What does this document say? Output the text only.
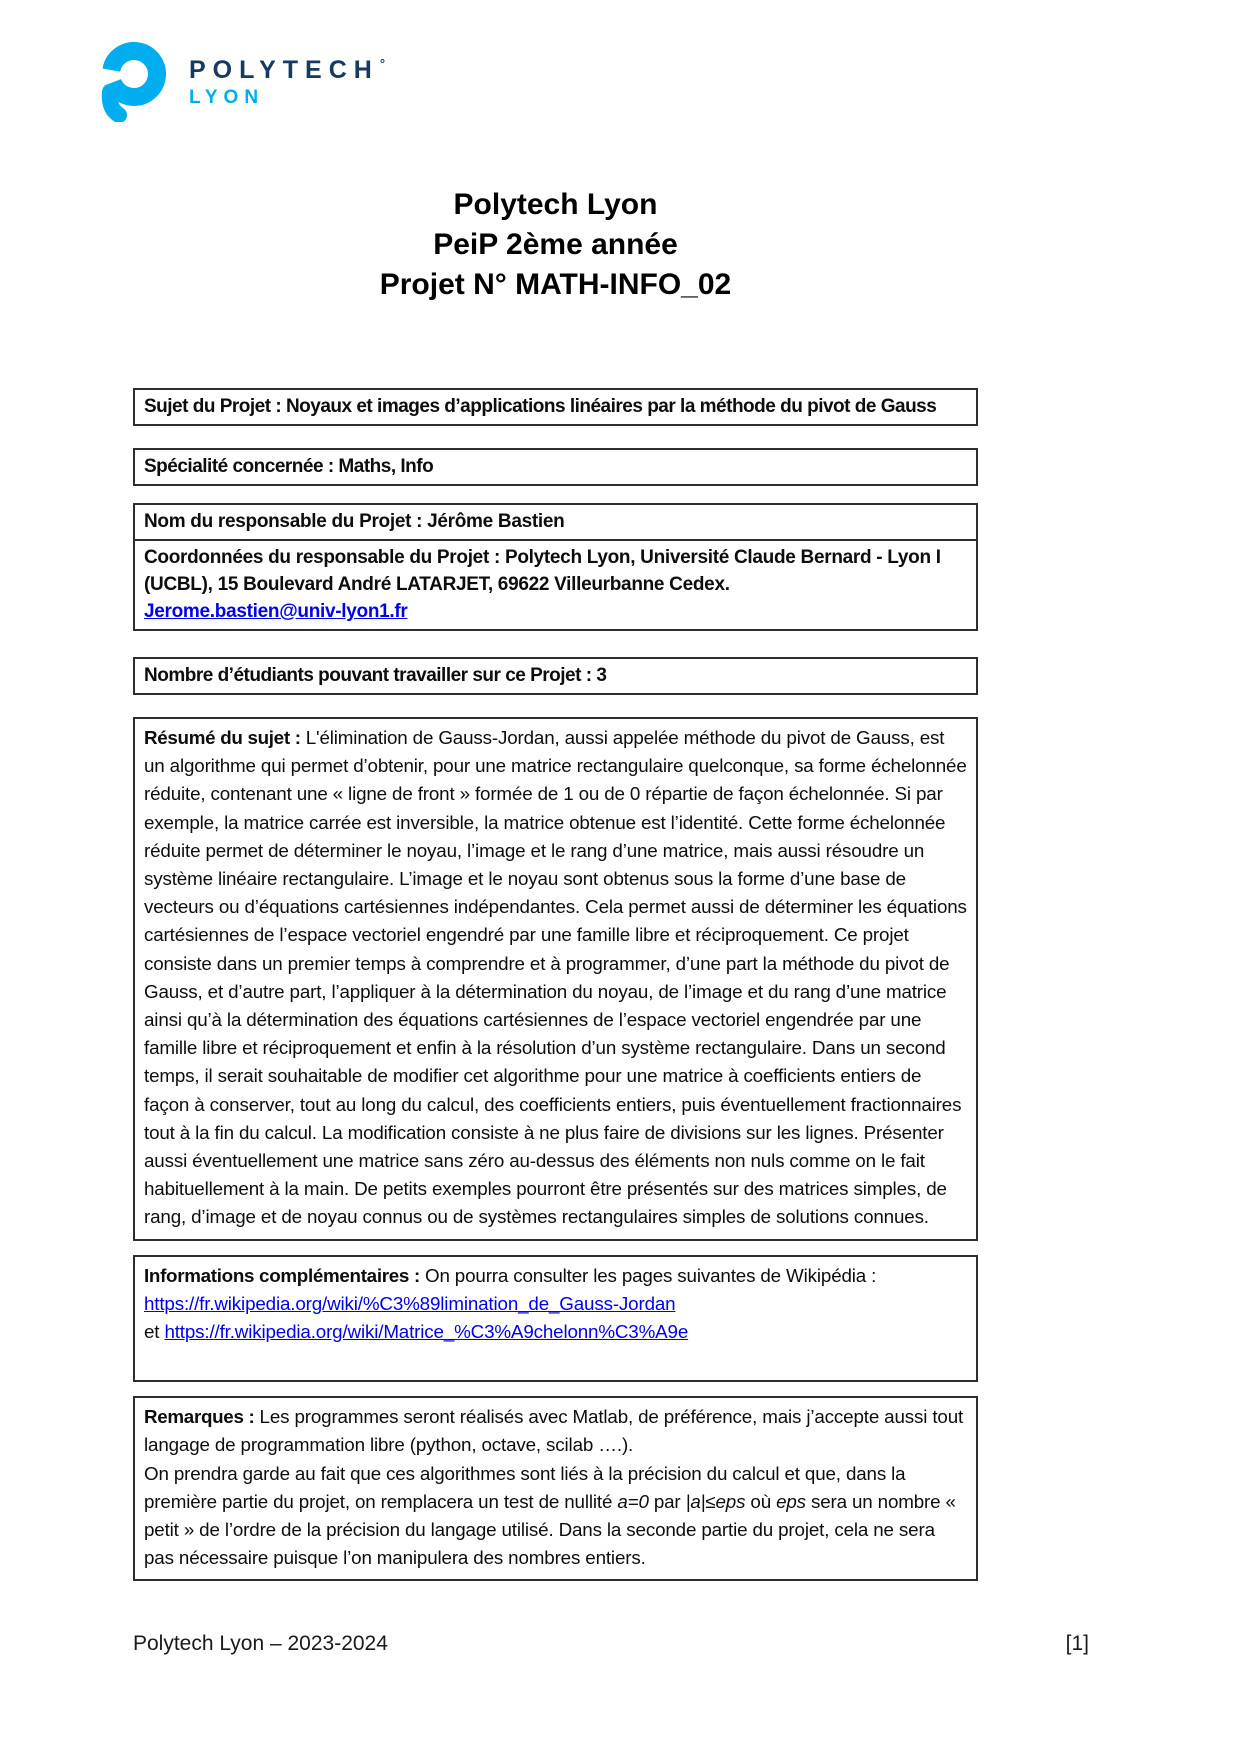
POLYTECH °
LYON
Polytech Lyon
PeiP 2ème année
Projet N° MATH-INFO_02
Sujet du Projet : Noyaux et images d’applications linéaires par la méthode du pivot de Gauss
Spécialité concernée : Maths, Info
Nom du responsable du Projet : Jérôme Bastien
Coordonnées du responsable du Projet : Polytech Lyon, Université Claude Bernard - Lyon I (UCBL), 15 Boulevard André LATARJET, 69622 Villeurbanne Cedex.
Jerome.bastien@univ-lyon1.fr
Nombre d’étudiants pouvant travailler sur ce Projet : 3
Résumé du sujet : L'élimination de Gauss-Jordan, aussi appelée méthode du pivot de Gauss, est un algorithme qui permet d’obtenir, pour une matrice rectangulaire quelconque, sa forme échelonnée réduite, contenant une « ligne de front » formée de 1 ou de 0 répartie de façon échelonnée. Si par exemple, la matrice carrée est inversible, la matrice obtenue est l’identité. Cette forme échelonnée réduite permet de déterminer le noyau, l’image et le rang d’une matrice, mais aussi résoudre un système linéaire rectangulaire. L’image et le noyau sont obtenus sous la forme d’une base de vecteurs ou d’équations cartésiennes indépendantes. Cela permet aussi de déterminer les équations cartésiennes de l’espace vectoriel engendré par une famille libre et réciproquement. Ce projet consiste dans un premier temps à comprendre et à programmer, d’une part la méthode du pivot de Gauss, et d’autre part, l’appliquer à la détermination du noyau, de l’image et du rang d’une matrice ainsi qu’à la détermination des équations cartésiennes de l’espace vectoriel engendrée par une famille libre et réciproquement et enfin à la résolution d’un système rectangulaire. Dans un second temps, il serait souhaitable de modifier cet algorithme pour une matrice à coefficients entiers de façon à conserver, tout au long du calcul, des coefficients entiers, puis éventuellement fractionnaires tout à la fin du calcul. La modification consiste à ne plus faire de divisions sur les lignes. Présenter aussi éventuellement une matrice sans zéro au-dessus des éléments non nuls comme on le fait habituellement à la main. De petits exemples pourront être présentés sur des matrices simples, de rang, d’image et de noyau connus ou de systèmes rectangulaires simples de solutions connues.
Informations complémentaires : On pourra consulter les pages suivantes de Wikipédia :
https://fr.wikipedia.org/wiki/%C3%89limination_de_Gauss-Jordan
et https://fr.wikipedia.org/wiki/Matrice_%C3%A9chelonn%C3%A9e
Remarques : Les programmes seront réalisés avec Matlab, de préférence, mais j’accepte aussi tout langage de programmation libre (python, octave, scilab ….).
On prendra garde au fait que ces algorithmes sont liés à la précision du calcul et que, dans la première partie du projet, on remplacera un test de nullité a=0 par |a|≤eps où eps sera un nombre « petit » de l’ordre de la précision du langage utilisé. Dans la seconde partie du projet, cela ne sera pas nécessaire puisque l’on manipulera des nombres entiers.
Polytech Lyon – 2023-2024	[1]
